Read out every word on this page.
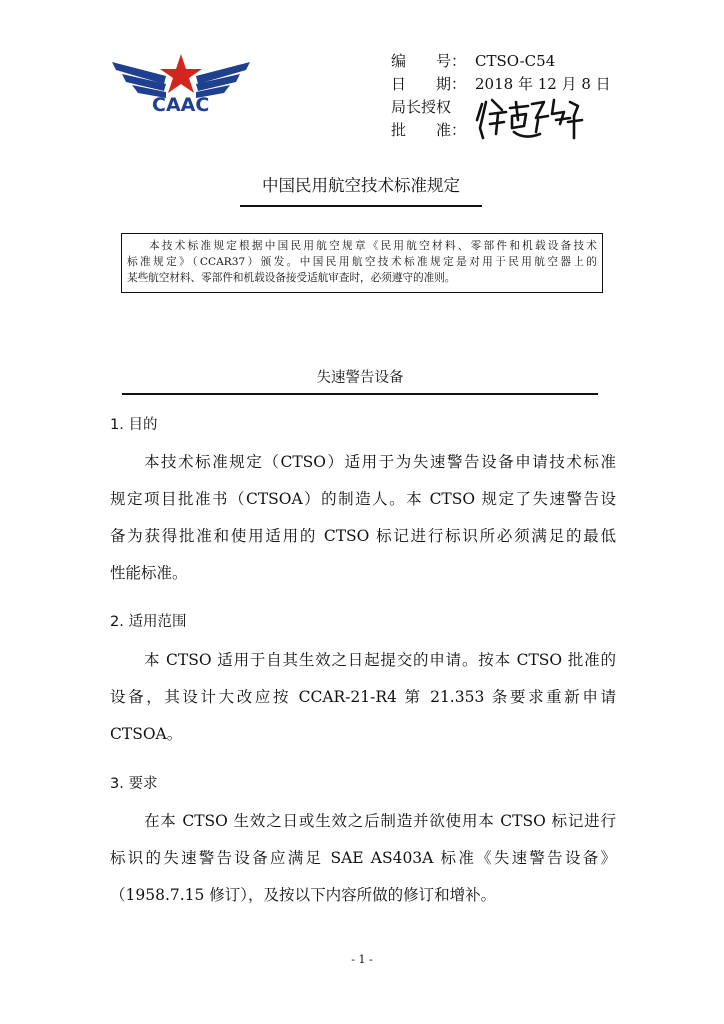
CAAC
编　　号： CTSO-C54
日　　期： 2018 年 12 月 8 日
局长授权
批　　准：
中国民用航空技术标准规定
本技术标准规定根据中国民用航空规章《民用航空材料、零部件和机载设备技术
标准规定》（CCAR37）颁发。中国民用航空技术标准规定是对用于民用航空器上的
某些航空材料、零部件和机载设备接受适航审查时，必须遵守的准则。
失速警告设备
1. 目的
本技术标准规定（CTSO）适用于为失速警告设备申请技术标准
规定项目批准书（CTSOA）的制造人。本 CTSO 规定了失速警告设
备为获得批准和使用适用的 CTSO 标记进行标识所必须满足的最低
性能标准。
2. 适用范围
本 CTSO 适用于自其生效之日起提交的申请。按本 CTSO 批准的
设备，其设计大改应按 CCAR-21-R4 第 21.353 条要求重新申请
CTSOA。
3. 要求
在本 CTSO 生效之日或生效之后制造并欲使用本 CTSO 标记进行
标识的失速警告设备应满足 SAE AS403A 标准《失速警告设备》
（1958.7.15 修订），及按以下内容所做的修订和增补。
- 1 -
